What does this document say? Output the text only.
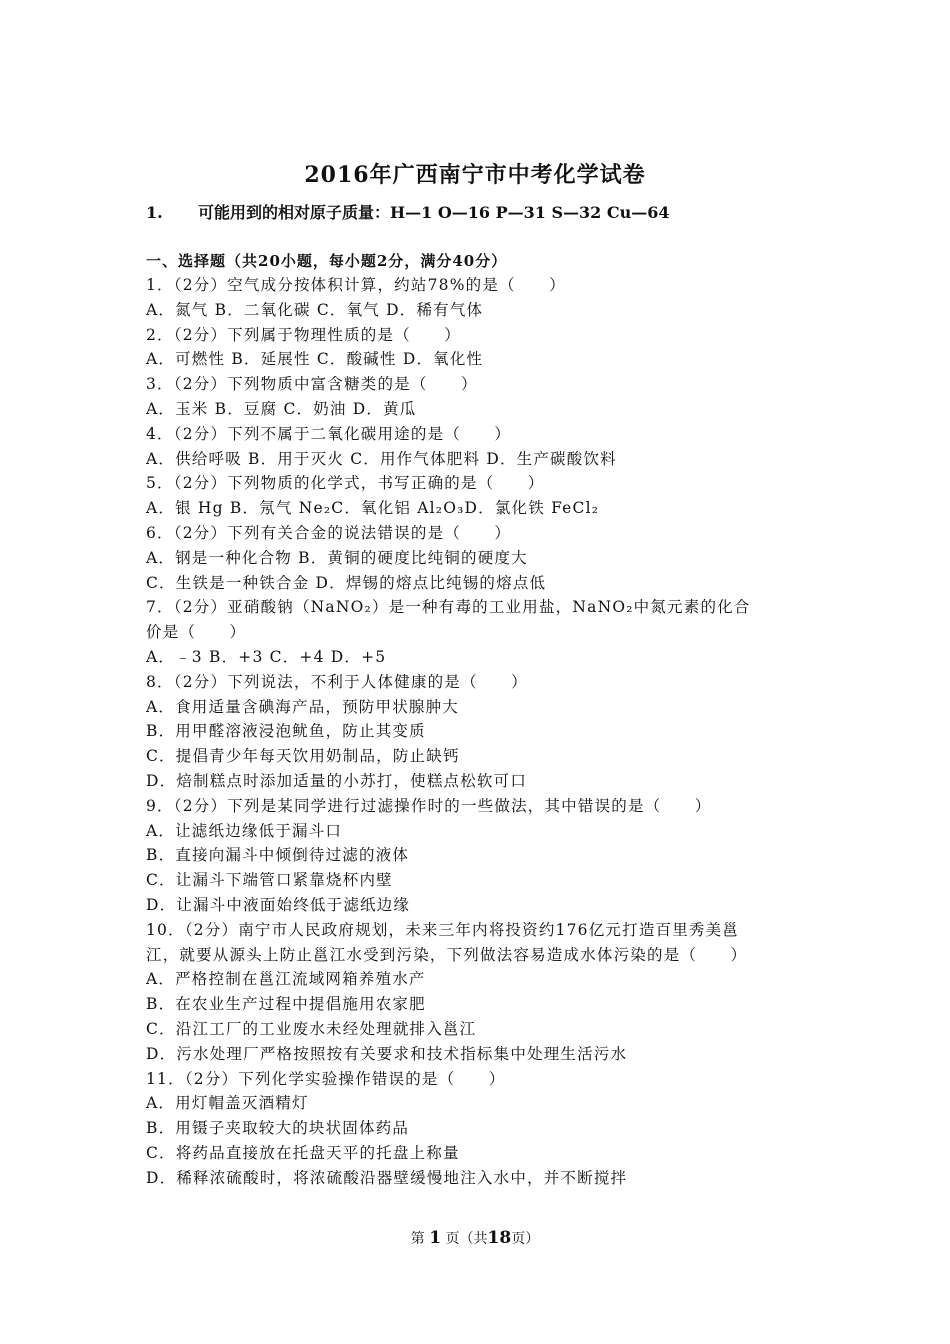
2016年广西南宁市中考化学试卷
1. 可能用到的相对原子质量：H—1 O—16 P—31 S—32 Cu—64
一、选择题（共20小题，每小题2分，满分40分）
1．（2分）空气成分按体积计算，约站78%的是（　　）
A．氮气 B．二氧化碳 C．氧气 D．稀有气体
2．（2分）下列属于物理性质的是（　　）
A．可燃性 B．延展性 C．酸碱性 D．氧化性
3．（2分）下列物质中富含糖类的是（　　）
A．玉米 B．豆腐 C．奶油 D．黄瓜
4．（2分）下列不属于二氧化碳用途的是（　　）
A．供给呼吸 B．用于灭火 C．用作气体肥料 D．生产碳酸饮料
5．（2分）下列物质的化学式，书写正确的是（　　）
A．银 Hg B．氖气 Ne₂C．氧化铝 Al₂O₃D．氯化铁 FeCl₂
6．（2分）下列有关合金的说法错误的是（　　）
A．钢是一种化合物 B．黄铜的硬度比纯铜的硬度大
C．生铁是一种铁合金 D．焊锡的熔点比纯锡的熔点低
7．（2分）亚硝酸钠（NaNO₂）是一种有毒的工业用盐，NaNO₂中氮元素的化合
价是（　　）
A．﹣3 B．+3 C．+4 D．+5
8．（2分）下列说法，不利于人体健康的是（　　）
A．食用适量含碘海产品，预防甲状腺肿大
B．用甲醛溶液浸泡鱿鱼，防止其变质
C．提倡青少年每天饮用奶制品，防止缺钙
D．焙制糕点时添加适量的小苏打，使糕点松软可口
9．（2分）下列是某同学进行过滤操作时的一些做法，其中错误的是（　　）
A．让滤纸边缘低于漏斗口
B．直接向漏斗中倾倒待过滤的液体
C．让漏斗下端管口紧靠烧杯内壁
D．让漏斗中液面始终低于滤纸边缘
10．（2分）南宁市人民政府规划，未来三年内将投资约176亿元打造百里秀美邕
江，就要从源头上防止邕江水受到污染，下列做法容易造成水体污染的是（　　）
A．严格控制在邕江流域网箱养殖水产
B．在农业生产过程中提倡施用农家肥
C．沿江工厂的工业废水未经处理就排入邕江
D．污水处理厂严格按照按有关要求和技术指标集中处理生活污水
11．（2分）下列化学实验操作错误的是（　　）
A．用灯帽盖灭酒精灯
B．用镊子夹取较大的块状固体药品
C．将药品直接放在托盘天平的托盘上称量
D．稀释浓硫酸时，将浓硫酸沿器壁缓慢地注入水中，并不断搅拌
第 1 页（共18页）
